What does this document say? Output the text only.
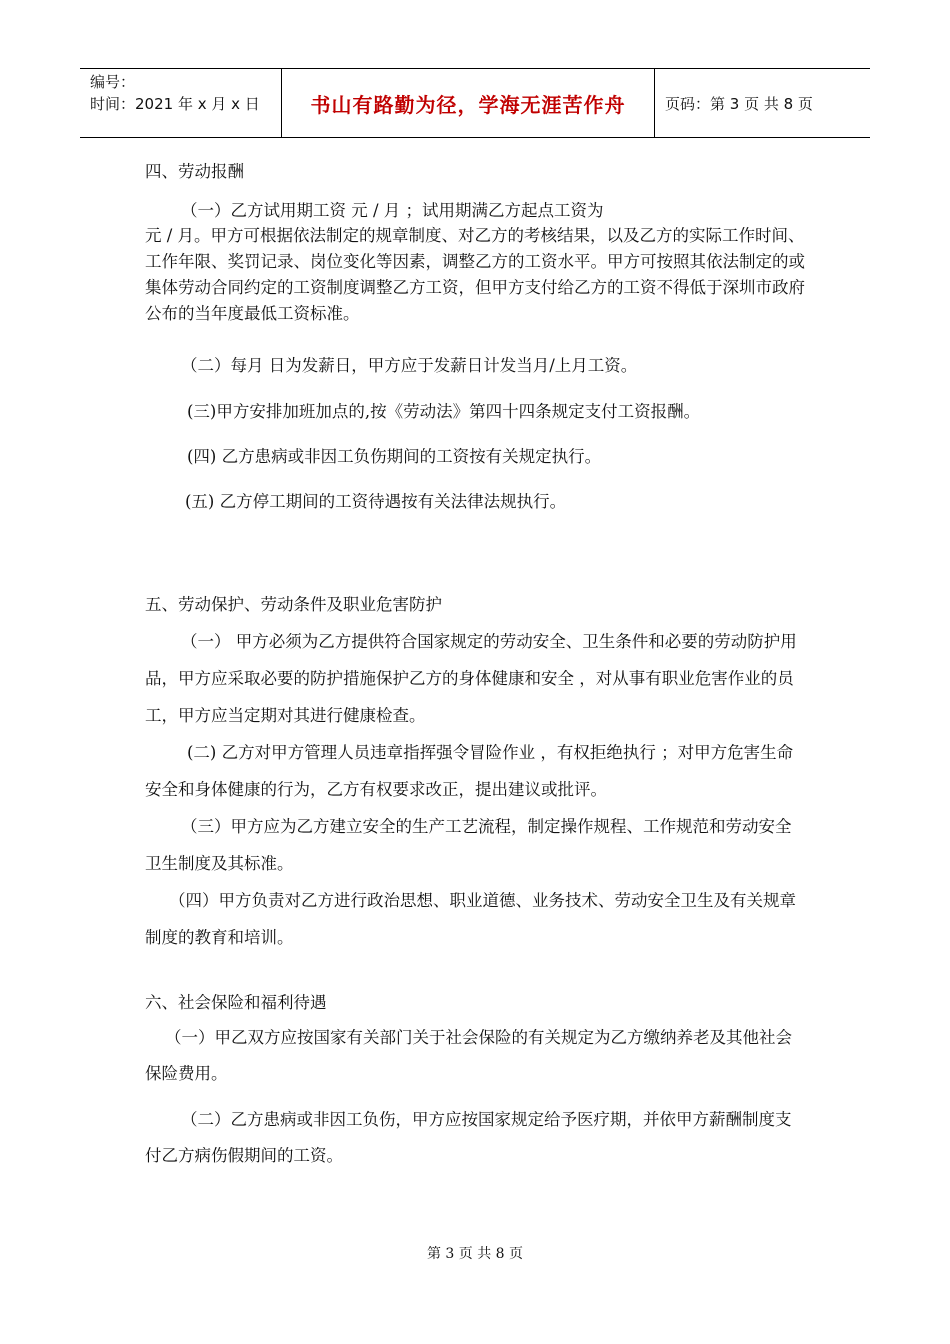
编号：
时间：2021 年 x 月 x 日	书山有路勤为径，学海无涯苦作舟	页码：第 3 页 共 8 页

四、劳动报酬

（一）乙方试用期工资 元 / 月 ；试用期满乙方起点工资为

元 / 月。甲方可根据依法制定的规章制度、对乙方的考核结果，以及乙方的实际工作时间、工作年限、奖罚记录、岗位变化等因素，调整乙方的工资水平。甲方可按照其依法制定的或集体劳动合同约定的工资制度调整乙方工资，但甲方支付给乙方的工资不得低于深圳市政府公布的当年度最低工资标准。

（二）每月 日为发薪日，甲方应于发薪日计发当月/上月工资。

(三)甲方安排加班加点的,按《劳动法》第四十四条规定支付工资报酬。

(四) 乙方患病或非因工负伤期间的工资按有关规定执行。

(五) 乙方停工期间的工资待遇按有关法律法规执行。

五、劳动保护、劳动条件及职业危害防护

（一） 甲方必须为乙方提供符合国家规定的劳动安全、卫生条件和必要的劳动防护用品，甲方应采取必要的防护措施保护乙方的身体健康和安全 ，对从事有职业危害作业的员工，甲方应当定期对其进行健康检查。

(二) 乙方对甲方管理人员违章指挥强令冒险作业 ，有权拒绝执行 ；对甲方危害生命安全和身体健康的行为，乙方有权要求改正，提出建议或批评。

（三）甲方应为乙方建立安全的生产工艺流程，制定操作规程、工作规范和劳动安全卫生制度及其标准。

（四）甲方负责对乙方进行政治思想、职业道德、业务技术、劳动安全卫生及有关规章制度的教育和培训。

六、社会保险和福利待遇

（一）甲乙双方应按国家有关部门关于社会保险的有关规定为乙方缴纳养老及其他社会保险费用。

（二）乙方患病或非因工负伤，甲方应按国家规定给予医疗期，并依甲方薪酬制度支付乙方病伤假期间的工资。

第 3 页 共 8 页
